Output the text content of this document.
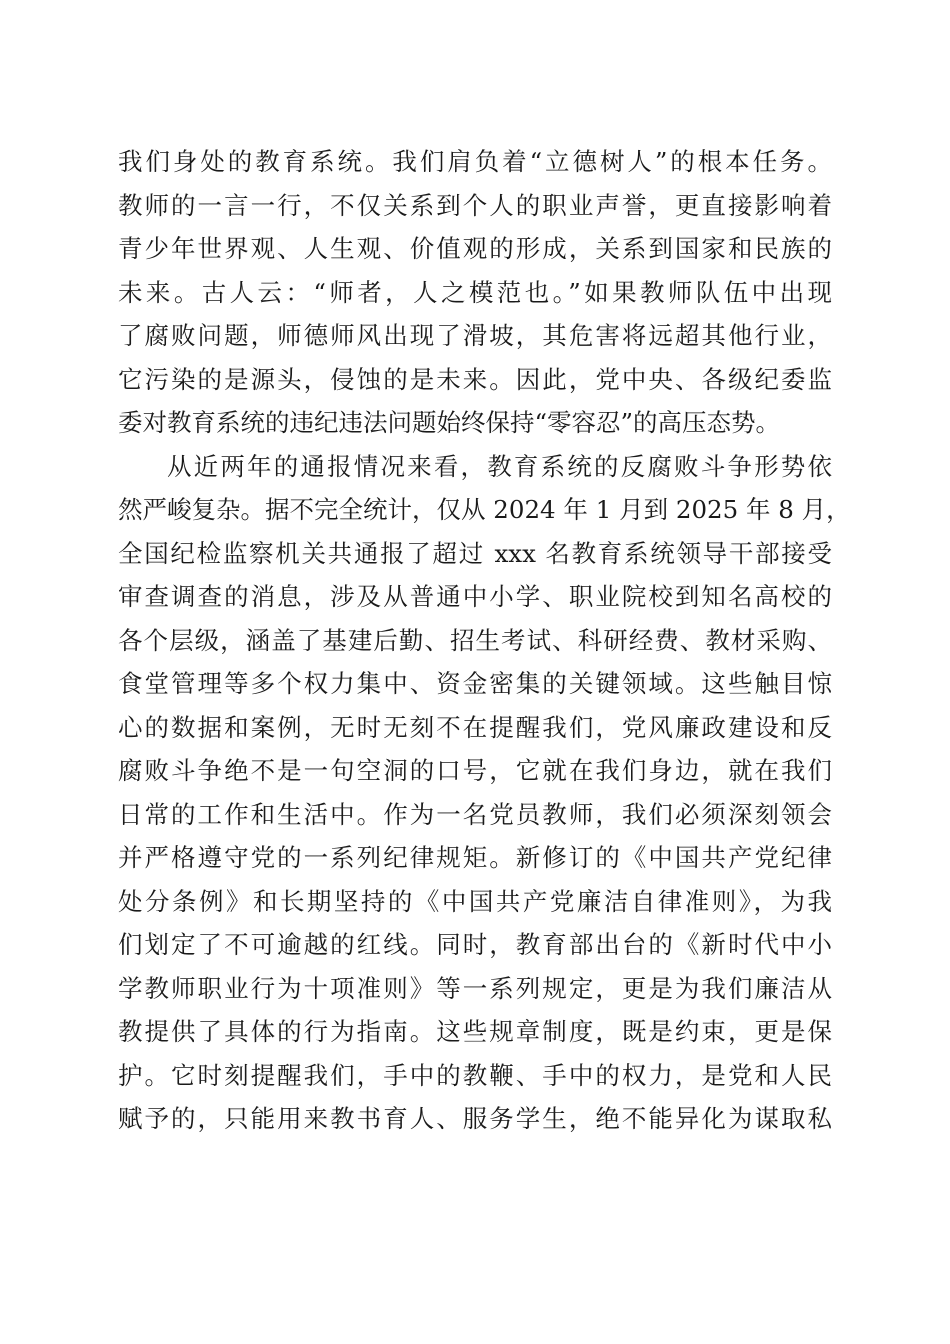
我们身处的教育系统。我们肩负着“立德树人”的根本任务。
教师的一言一行，不仅关系到个人的职业声誉，更直接影响着
青少年世界观、人生观、价值观的形成，关系到国家和民族的
未来。古人云：“师者，人之模范也。”如果教师队伍中出现
了腐败问题，师德师风出现了滑坡，其危害将远超其他行业，
它污染的是源头，侵蚀的是未来。因此，党中央、各级纪委监
委对教育系统的违纪违法问题始终保持“零容忍”的高压态势。
从近两年的通报情况来看，教育系统的反腐败斗争形势依
然严峻复杂。据不完全统计，仅从 2024 年 1 月到 2025 年 8 月，
全国纪检监察机关共通报了超过 xxx 名教育系统领导干部接受
审查调查的消息，涉及从普通中小学、职业院校到知名高校的
各个层级，涵盖了基建后勤、招生考试、科研经费、教材采购、
食堂管理等多个权力集中、资金密集的关键领域。这些触目惊
心的数据和案例，无时无刻不在提醒我们，党风廉政建设和反
腐败斗争绝不是一句空洞的口号，它就在我们身边，就在我们
日常的工作和生活中。作为一名党员教师，我们必须深刻领会
并严格遵守党的一系列纪律规矩。新修订的《中国共产党纪律
处分条例》和长期坚持的《中国共产党廉洁自律准则》，为我
们划定了不可逾越的红线。同时，教育部出台的《新时代中小
学教师职业行为十项准则》等一系列规定，更是为我们廉洁从
教提供了具体的行为指南。这些规章制度，既是约束，更是保
护。它时刻提醒我们，手中的教鞭、手中的权力，是党和人民
赋予的，只能用来教书育人、服务学生，绝不能异化为谋取私
